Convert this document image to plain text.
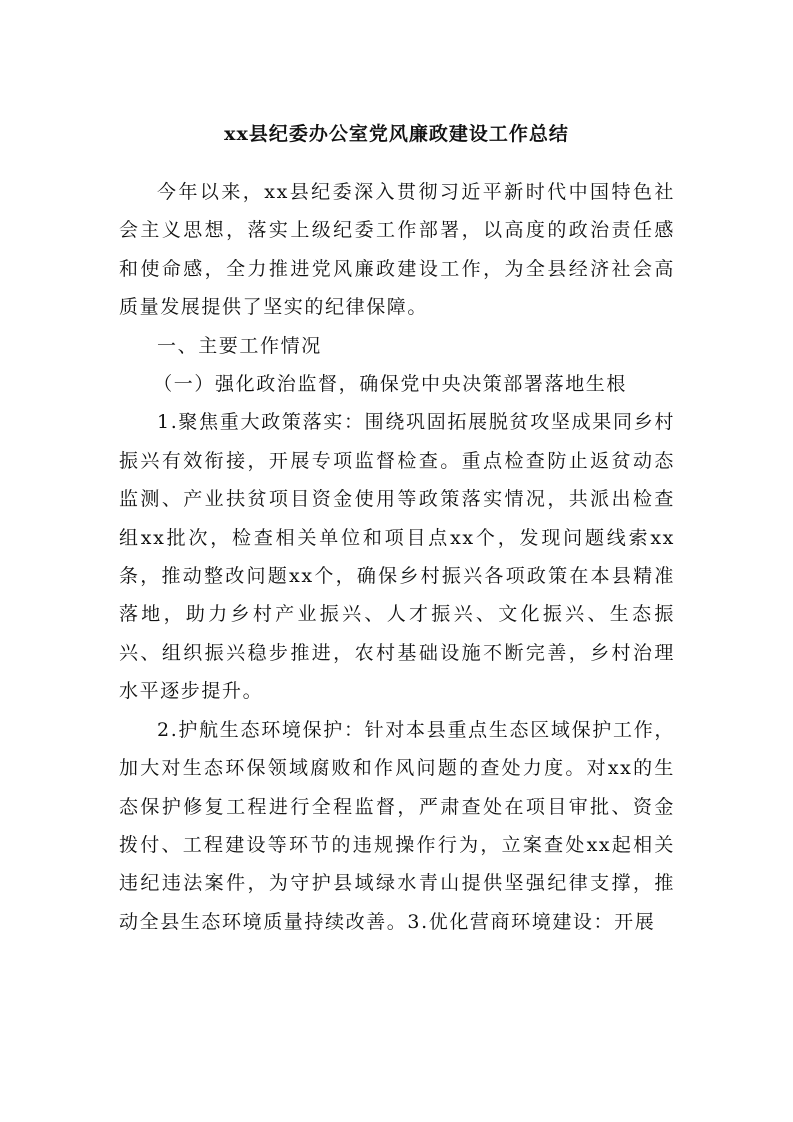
xx县纪委办公室党风廉政建设工作总结

今年以来，xx县纪委深入贯彻习近平新时代中国特色社会主义思想，落实上级纪委工作部署，以高度的政治责任感和使命感，全力推进党风廉政建设工作，为全县经济社会高质量发展提供了坚实的纪律保障。

一、主要工作情况

（一）强化政治监督，确保党中央决策部署落地生根

1.聚焦重大政策落实：围绕巩固拓展脱贫攻坚成果同乡村振兴有效衔接，开展专项监督检查。重点检查防止返贫动态监测、产业扶贫项目资金使用等政策落实情况，共派出检查组xx批次，检查相关单位和项目点xx个，发现问题线索xx条，推动整改问题xx个，确保乡村振兴各项政策在本县精准落地，助力乡村产业振兴、人才振兴、文化振兴、生态振兴、组织振兴稳步推进，农村基础设施不断完善，乡村治理水平逐步提升。

2.护航生态环境保护：针对本县重点生态区域保护工作，加大对生态环保领域腐败和作风问题的查处力度。对xx的生态保护修复工程进行全程监督，严肃查处在项目审批、资金拨付、工程建设等环节的违规操作行为，立案查处xx起相关违纪违法案件，为守护县域绿水青山提供坚强纪律支撑，推动全县生态环境质量持续改善。3.优化营商环境建设：开展
